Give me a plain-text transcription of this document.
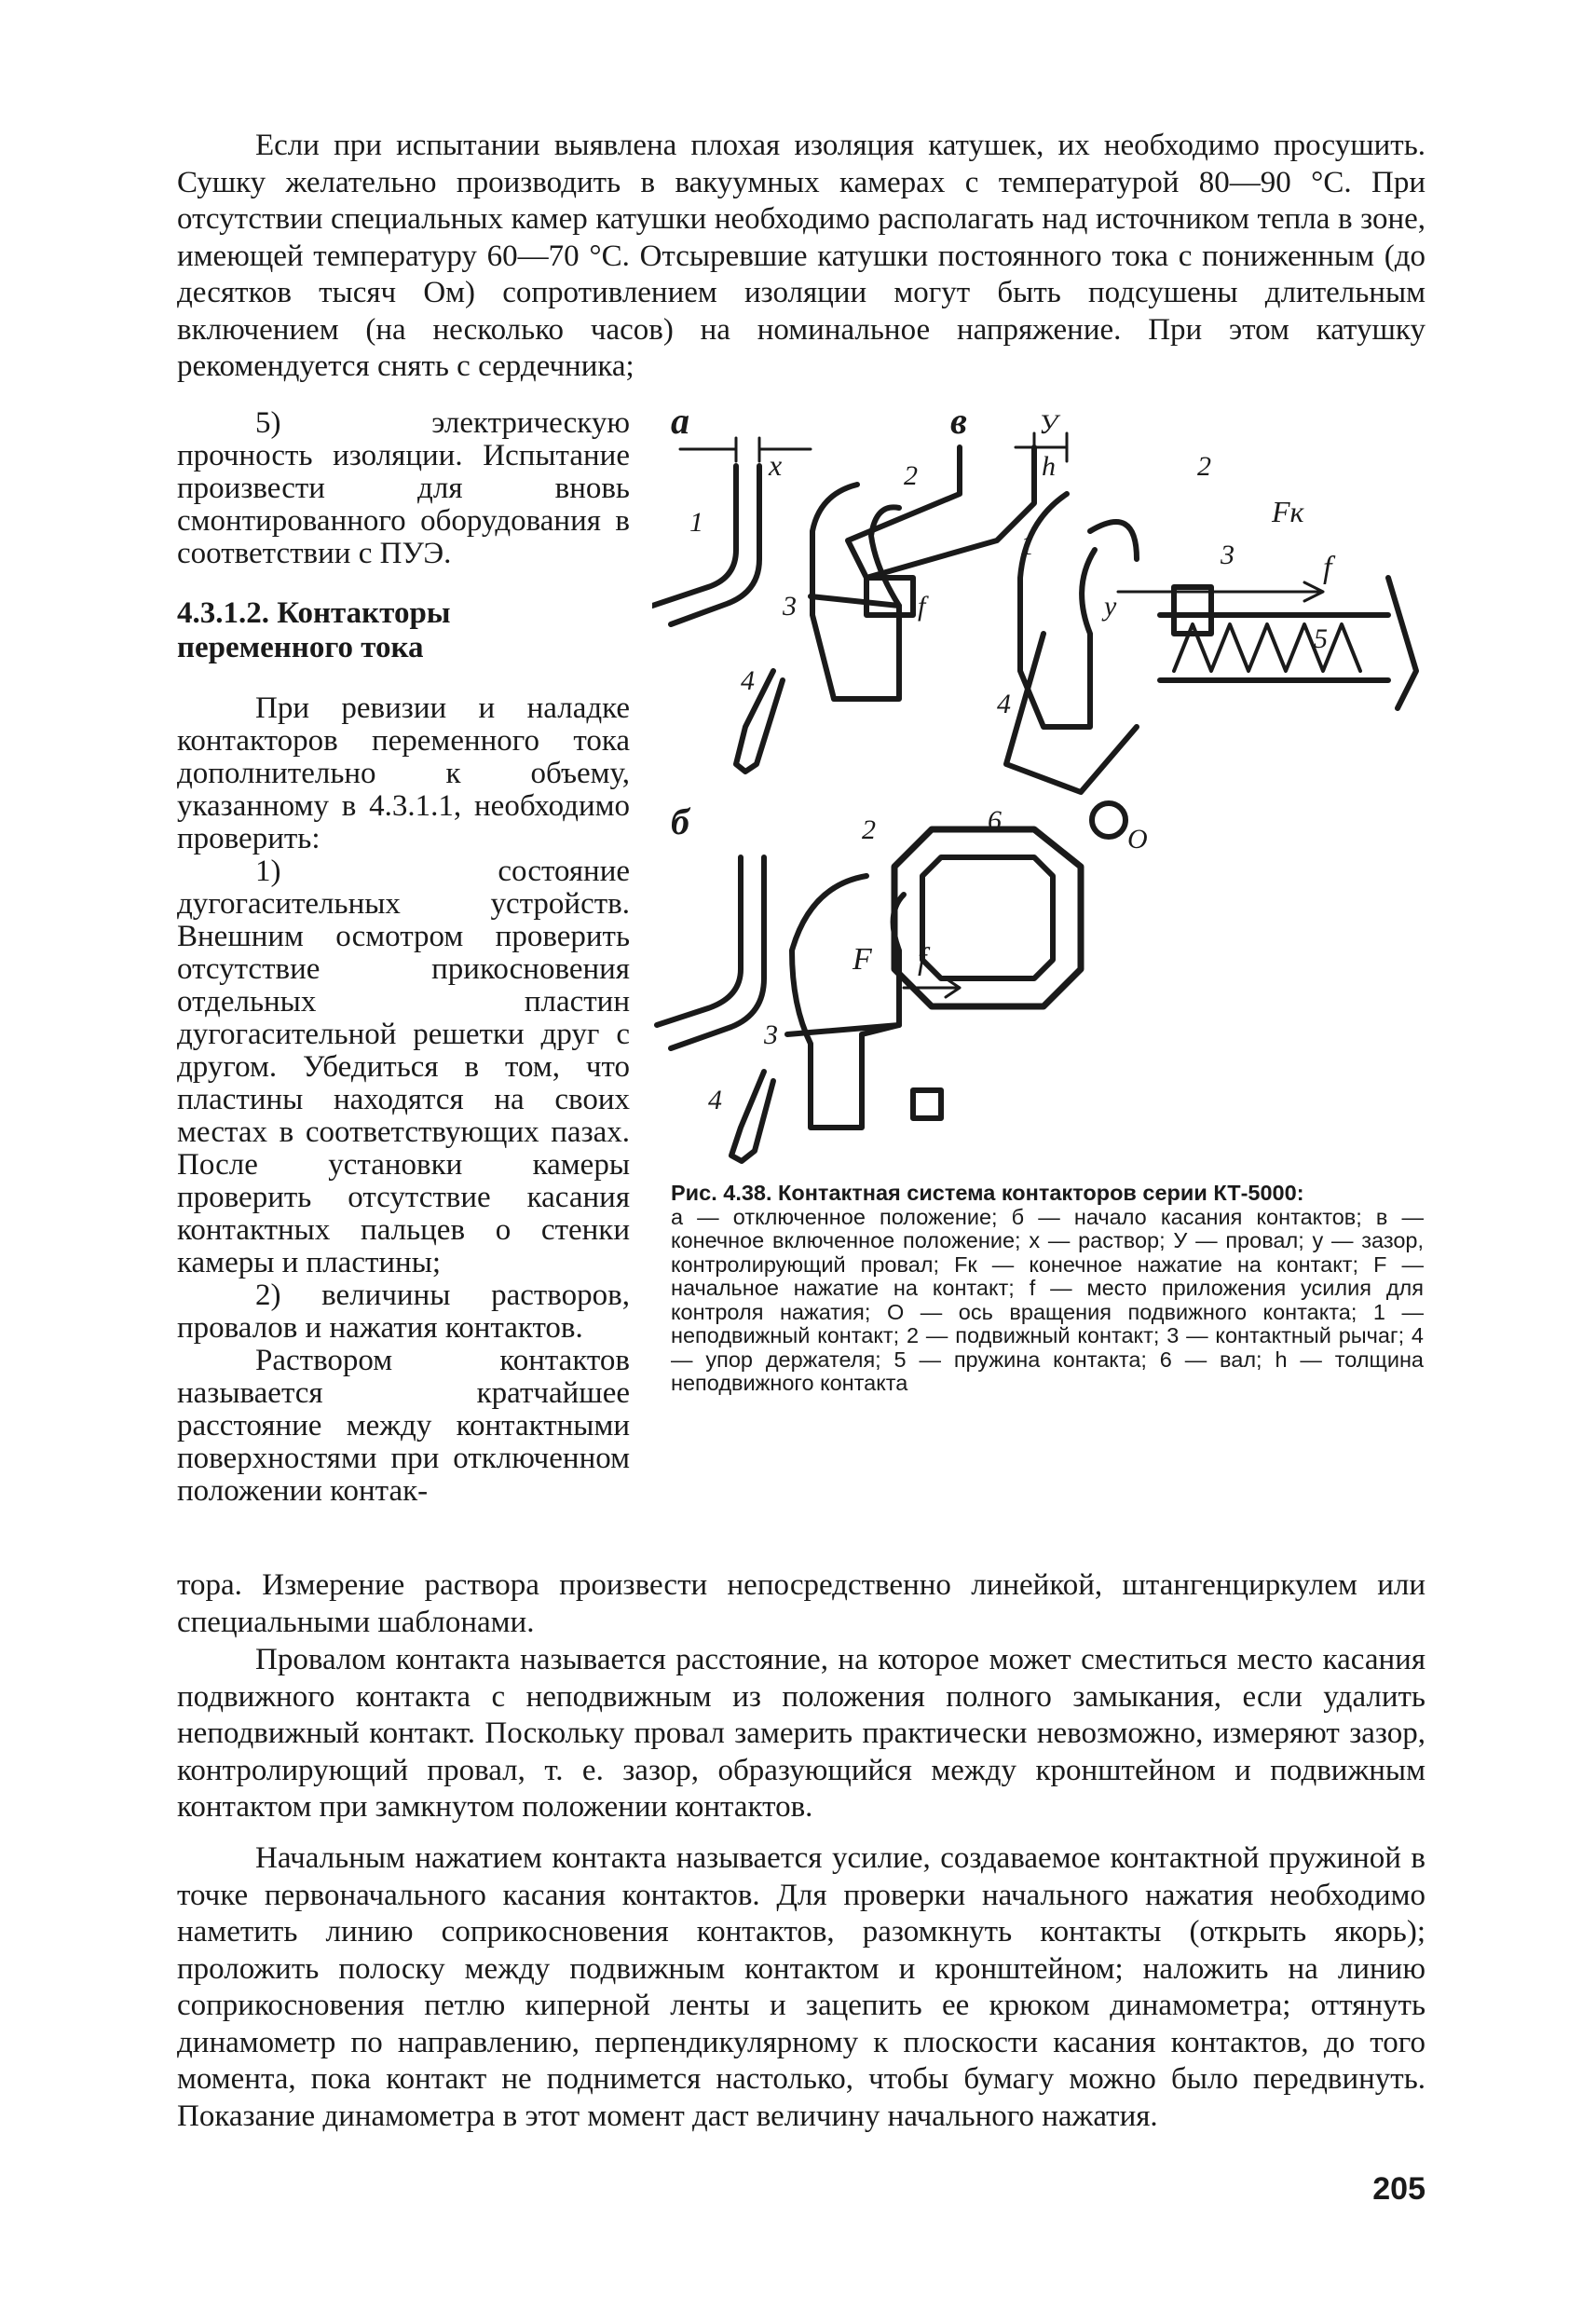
Если при испытании выявлена плохая изоляция катушек, их необходимо просушить. Сушку желательно производить в вакуумных камерах с температурой 80—90 °С. При отсутствии специальных камер катушки необходимо располагать над источником тепла в зоне, имеющей температуру 60—70 °С. Отсыревшие катушки постоянного тока с пониженным (до десятков тысяч Ом) сопротивлением изоляции могут быть подсушены длительным включением (на несколько часов) на номинальное напряжение. При этом катушку рекомендуется снять с сердечника;

5) электрическую прочность изоляции. Испытание произвести для вновь смонтированного оборудования в соответствии с ПУЭ.

4.3.1.2. Контакторы переменного тока

При ревизии и наладке контакторов переменного тока дополнительно к объему, указанному в 4.3.1.1, необходимо проверить:

1) состояние дугогасительных устройств. Внешним осмотром проверить отсутствие прикосновения отдельных пластин дугогасительной решетки друг с другом. Убедиться в том, что пластины находятся на своих местах в соответствующих пазах. После установки камеры проверить отсутствие касания контактных пальцев о стенки камеры и пластины;

2) величины растворов, провалов и нажатия контактов.

Раствором контактов называется кратчайшее расстояние между контактными поверхностями при отключенном положении контак-

а
б
в
x
У
h
у
Fк
F f
f
f
О
1
2
3
4
2
3
4
1
2
3
4
5
6
Рис. 4.38. Контактная система контакторов серии КТ-5000:
а — отключенное положение; б — начало касания контактов; в — конечное включенное положение; х — раствор; У — провал; у — зазор, контролирующий провал; Fк — конечное нажатие на контакт; F — начальное нажатие на контакт; f — место приложения усилия для контроля нажатия; О — ось вращения подвижного контакта; 1 — неподвижный контакт; 2 — подвижный контакт; 3 — контактный рычаг; 4 — упор держателя; 5 — пружина контакта; 6 — вал; h — толщина неподвижного контакта

тора. Измерение раствора произвести непосредственно линейкой, штангенциркулем или специальными шаблонами.

Провалом контакта называется расстояние, на которое может сместиться место касания подвижного контакта с неподвижным из положения полного замыкания, если удалить неподвижный контакт. Поскольку провал замерить практически невозможно, измеряют зазор, контролирующий провал, т. е. зазор, образующийся между кронштейном и подвижным контактом при замкнутом положении контактов.

Начальным нажатием контакта называется усилие, создаваемое контактной пружиной в точке первоначального касания контактов. Для проверки начального нажатия необходимо наметить линию соприкосновения контактов, разомкнуть контакты (открыть якорь); проложить полоску между подвижным контактом и кронштейном; наложить на линию соприкосновения петлю киперной ленты и зацепить ее крюком динамометра; оттянуть динамометр по направлению, перпендикулярному к плоскости касания контактов, до того момента, пока контакт не поднимется настолько, чтобы бумагу можно было передвинуть. Показание динамометра в этот момент даст величину начального нажатия.

205
